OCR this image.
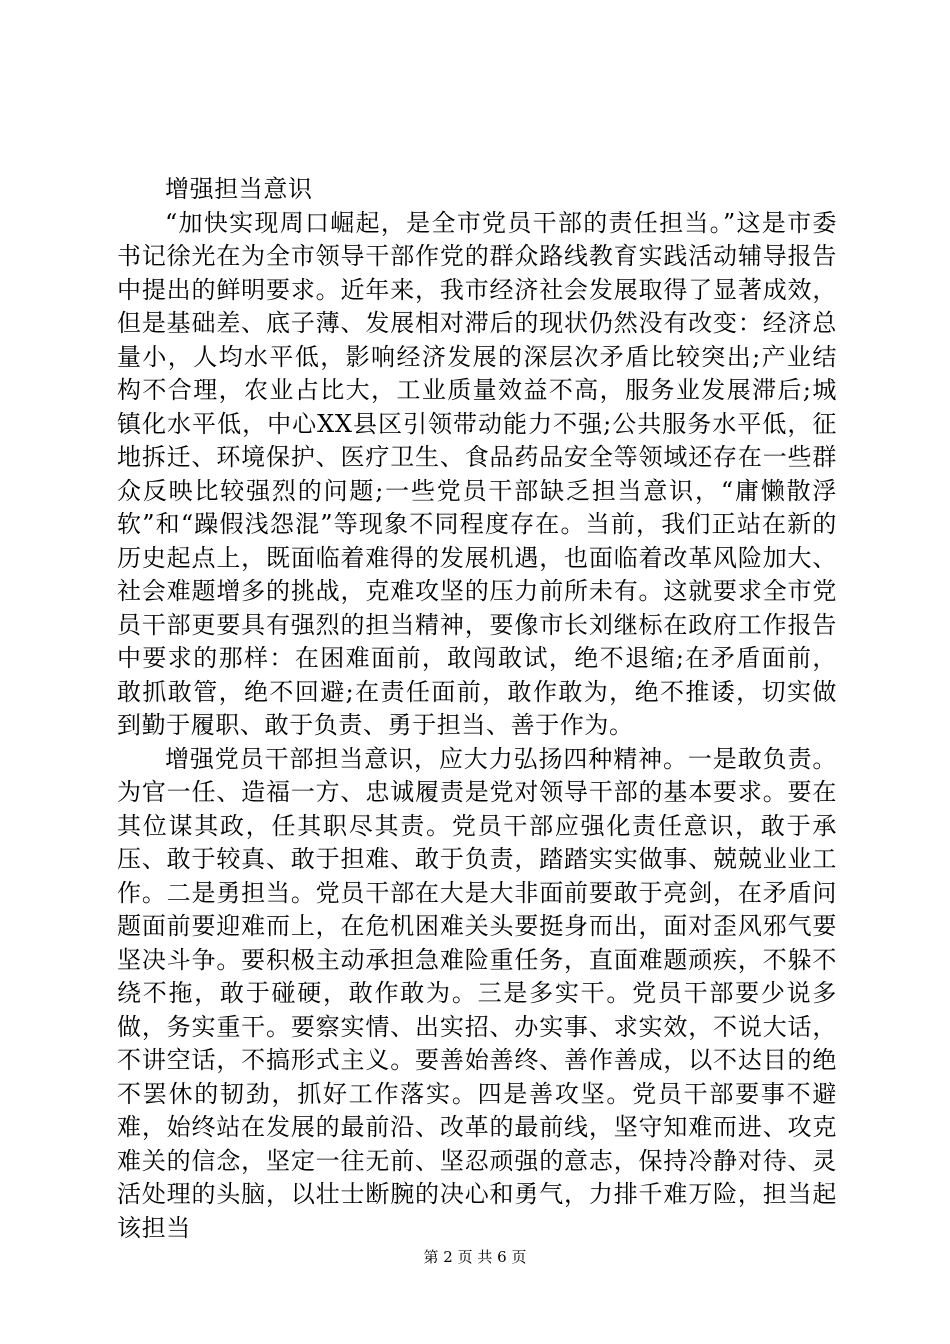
增强担当意识

“加快实现周口崛起，是全市党员干部的责任担当。”这是市委书记徐光在为全市领导干部作党的群众路线教育实践活动辅导报告中提出的鲜明要求。近年来，我市经济社会发展取得了显著成效，但是基础差、底子薄、发展相对滞后的现状仍然没有改变：经济总量小，人均水平低，影响经济发展的深层次矛盾比较突出;产业结构不合理，农业占比大，工业质量效益不高，服务业发展滞后;城镇化水平低，中心XX县区引领带动能力不强;公共服务水平低，征地拆迁、环境保护、医疗卫生、食品药品安全等领域还存在一些群众反映比较强烈的问题;一些党员干部缺乏担当意识，“庸懒散浮软”和“躁假浅怨混”等现象不同程度存在。当前，我们正站在新的历史起点上，既面临着难得的发展机遇，也面临着改革风险加大、社会难题增多的挑战，克难攻坚的压力前所未有。这就要求全市党员干部更要具有强烈的担当精神，要像市长刘继标在政府工作报告中要求的那样：在困难面前，敢闯敢试，绝不退缩;在矛盾面前，敢抓敢管，绝不回避;在责任面前，敢作敢为，绝不推诿，切实做到勤于履职、敢于负责、勇于担当、善于作为。

增强党员干部担当意识，应大力弘扬四种精神。一是敢负责。为官一任、造福一方、忠诚履责是党对领导干部的基本要求。要在其位谋其政，任其职尽其责。党员干部应强化责任意识，敢于承压、敢于较真、敢于担难、敢于负责，踏踏实实做事、兢兢业业工作。二是勇担当。党员干部在大是大非面前要敢于亮剑，在矛盾问题面前要迎难而上，在危机困难关头要挺身而出，面对歪风邪气要坚决斗争。要积极主动承担急难险重任务，直面难题顽疾，不躲不绕不拖，敢于碰硬，敢作敢为。三是多实干。党员干部要少说多做，务实重干。要察实情、出实招、办实事、求实效，不说大话，不讲空话，不搞形式主义。要善始善终、善作善成，以不达目的绝不罢休的韧劲，抓好工作落实。四是善攻坚。党员干部要事不避难，始终站在发展的最前沿、改革的最前线，坚守知难而进、攻克难关的信念，坚定一往无前、坚忍顽强的意志，保持冷静对待、灵活处理的头脑，以壮士断腕的决心和勇气，力排千难万险，担当起该担当

第 2 页 共 6 页
